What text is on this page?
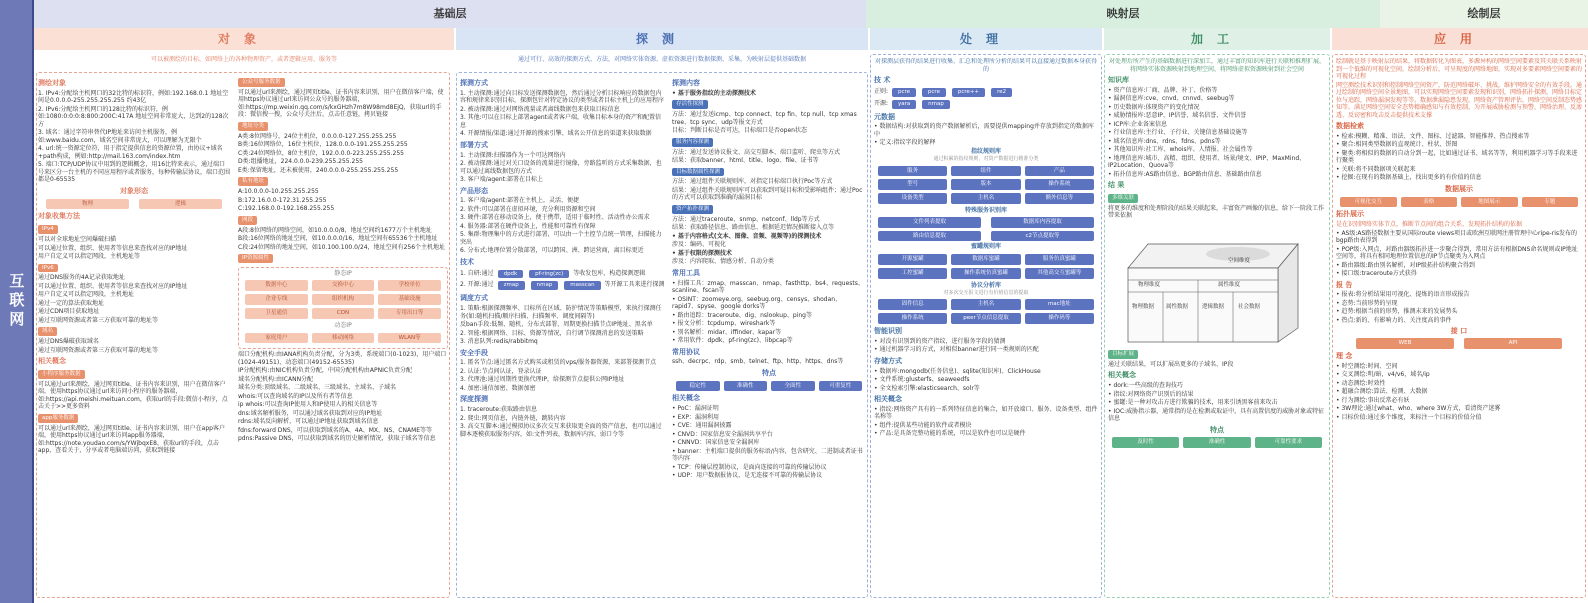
互联网
基础层	映射层	绘制层
对象	探测	处理	加工	应用
可以被测绘的目标，如网络上的各种物理资产，或者逻辑应用、服务等	通过可行、高效的探测方式、方法，对网络实体资源、虚拟资源进行数据探测、采集，为映射层提供基础数据
测绘对象
1. IPv4:分配给主机网口的32比特的标识符，例如:192.168.0.1 地址空间是0.0.0.0-255.255.255.255 约43亿
2. IPv6:分配给主机网口的128比特的标识符，例如:1080:0:0:0:8:800:200C:417A 地址空间非常庞大，达到2的128次方
3. 域名：通过字符串替代IP地址来访问主机服务，例如:www.baidu.com，域名空间非常庞大，可以理解为无限个
4. url:统一资源定位符，用于指定提供信息的资源位置，由协议+域名+path构成，例如:http://mail.163.com/index.htm
5. 端口:TCP/UDP协议中用到的逻辑概念，用16比特来表示，通过端口号来区分一台主机的不同应用程序或者服务，每种传输层协议，端口范围都是0-65535
对象形态
物理	逻辑
对象收集方法
IPv4
可以对全球地址空间爆破扫描
可以通过位置、组织、使用者等信息来查找对应的IP地址
用户自定义可以指定网段，主机地址等
IPv6
通过DNS服务的4A记录获取地址
可以通过位置、组织、使用者等信息来查找对应的IP地址
用户自定义可以指定网段，主机地址
通过一定的算法获取地址
通过CDN项目获取地址
通过互联网资源或者第三方获取可靠的地址等
域名
通过DNS爆破获取域名
通过互联网资源或者第三方获取可靠的地址等
相关概念
小程序服务数据
可以通过url来测绘，通过网页title、证书内容来识别，用户在微信客户端，使用https协议通过url来访问小程序的服务器端，如:https://api.meishi.meituan.com，获取url的手段:微信小程序，点击关于>>更多资料
app服务数据
可以通过url来测绘，通过网页title、证书内容来识别，用户在app客户端，使用https协议通过url来访问app服务器端，如:https://note.youdao.com/s/YWjbqxE8，获取url的手段，点击app，查看关于，分享或者电脑端访问，获取到链接
公众号服务数据
可以通过url来测绘，通过网页title、证书内容来识别，用户在微信客户端，使用https协议通过url来访问公众号的服务器端，如:https://mp.weixin.qq.com/s/kxGHzh7m8W98md8EjQ，获取url的手段：微信搜一搜，公众号关注后，点击任意链，拷贝链接
地址分类
A类:8位网络号，24位主机位，0.0.0.0-127.255.255.255
B类:16位网络位，16位主机位，128.0.0.0-191.255.255.255
C类:24位网络位，8位主机位，192.0.0.0-223.255.255.255
D类:组播地址，224.0.0.0-239.255.255.255
E类:保留地址，还未被使用，240.0.0.0-255.255.255.255
私有地址
A:10.0.0.0-10.255.255.255
B:172.16.0.0-172.31.255.255
C:192.168.0.0-192.168.255.255
网段
A段:8位网络的网络空间，如10.0.0.0/8，地址空间约1677万个主机地址
B段:16位网络的地址空间，如10.0.0.0/16，地址空间有65536个主机地址
C段:24位网络的地址空间，如10.100.100.0/24，地址空间有256个主机地址
IP资源属性
静态IP
数据中心	交换中心	学校单位
企业专线	组织机构	基础设施
卫星通信	CDN	专用出口等
动态IP
家庭用户	移动网络	WLAN等
端口分配机构:由IANA机构负责分配，分为3类，系统端口(0-1023)，用户端口(1024-49151)、动态端口(49152-65535)
IP分配机构:由NIC机构负责分配，中国分配机构由APNIC负责分配
域名分配机构:由ICANN分配
域名分类:顶级域名、二级域名、三级域名、主域名、子域名
whois:可以查询域名的IP以及所有者等信息
ip whois:可以查询IP使用人和IP使用人的相关信息等
dns:域名解析服务，可以通过域名获取到对应的IP地址
rdns:域名反向解析，可以通过IP地址获取到域名信息
fdns:forward DNS，可以获取到域名的A、4A、MX、NS、CNAME等等
pdns:Passive DNS，可以获取到域名的历史解析情况，获取子域名等信息
探测方式
1. 主动探测:通过向目标发送探测数据包，然后通过分析目标响应的数据包内容和规律来识别目标，探测包针对特定协议的类型或者目标主机上的应用程序
2. 被动探测:通过对网络流量或者离线数据包来获取目标信息
3. 其他:可以在目标上部署agent或者客户端，收集目标本身的资产和配置信息
4. 开源情报/渠道:通过开源的搜索引擎、域名公开信息的渠道来获取数据
部署方式
1. 主动探测:扫描器作为一个可达网络内
2. 被动探测:通过对关口设备的流量进行镜像，旁路监听的方式采集数据，也可以通过离线数据包的方式
3. 客户端/agent:部署在目标上
产品形态
1. 客户端/agent:部署在主机上，灵活、便捷
2. 软件:可以部署在虚拟环境，充分利用资源和空间
3. 硬件:部署在移动设备上，便于携带，适用于临时性、活动性办公需求
4. 服务器:部署在硬件设备上，性能和可靠性有保障
5. 集群:物理集中的方式进行部署，可以由一个主控节点统一管理，扫描能力突出
6. 分布式:地理位置分散部署，可以跨国、洲、跨运营商，离目标更近
技术
1. 自研:通过 dpdk	pf-ring(zc) 等收发包库，构造探测逻辑
2. 开源:通过 zmap	nmap	masscan 等开源工具来进行探测
调度方式
1. 策略:根据探测频率、目标所在区域、防护情况等策略模型，来执行探测任务(如:随机扫描/顺序扫描、扫描频率、调度间隔等)
反ban手段:低频、随机、分布式部署、周期更换扫描节点IP地址、黑名单
2. 智能:根据网络、目标、资源等情况，自行调节探测消息的发送策略
3. 消息队列:redis/rabbitmq
安全手段
1. 匿名节点:通过匿名方式购买或租赁的vps/服务器资源，来部署探测节点
2. 认证:节点间认证，登录认证
3. 代理池:通过周期性更换代理IP，给探测节点提供公网IP地址
4. 加密:通信加密、数据加密
深度探测
1. traceroute:获取路由信息
2. 爬虫:网页信息，内链外链，跳转内容
3. 高交互脚本:通过模拟协议多次交互来获取更全面的资产信息，也可以通过脚本逐模获取服务内容，如:文件列表，数据库内容，弱口令等
探测内容
• 基于服务指纹的主动探测技术
存活性探测
方法：通过发送icmp、tcp connect、tcp fin、tcp null、tcp xmas tree、tcp sync、udp等报文方式
目标：判断目标是否可达，目标端口是否open状态
服务内容探测
方法：通过发送协议报文、高交互脚本、端口监听、爬虫等方式
结果：获取banner、html、title、logo、file、证书等
目标数据属性探测
方法：通过组件关联规则库，对指定目标端口执行Poc等方式
结果：通过组件关联规则库可以获取到可疑目标和受影响组件；通过Poc的方式可以获取到准确的漏洞目标
资产拓扑探测
方法：通过traceroute、snmp、netconf、lldp等方式
结果：获取路径信息、路由信息、根据延迟情况推断接入点等
• 基于内容格式(文本、图像、音频、视频等)的探测技术
涉及：编码、可视化
• 基于权限的探测技术
涉及：内容爬取、情感分析、自动分类
常用工具
• 扫描工具：zmap、masscan、nmap、fasthttp、bs4、requests、scanline、fscan等
• OSINT：zoomeye.org、seebug.org、censys、shodan、rapid7、spyse、google dorks等
• 路由追踪：traceroute、dig、nslookup、ping等
• 报文分析：tcpdump、wireshark等
• 别名解析：midar、iffinder、kapar等
• 常用软件：dpdk、pf-ring(zc)、libpcap等
常用协议
ssh、decrpc、rdp、smb、telnet、ftp、http、https、dns等
特点
稳定性	准确性	全面性	可重复性
相关概念
• PoC：漏洞证明
• EXP：漏洞利用
• CVE：通用漏洞披露
• CNVD：国家信息安全漏洞共享平台
• CNNVD：国家信息安全漏洞库
• banner：主机端口提供的服务标语/内容，包含研究、二进制或者证书等内容
• TCP：传输层控制协议，是面向连接的可靠的传输层协议
• UDP：用户数据报协议，是无连接不可靠的传输层协议
对探测层获得的结果进行收集、汇总和处理所分析的结果可以直接通过数据本身获得的
技 术
正则: pcre	pcre	pcre++	re2
开源: yara	nmap
元数据
• 数据结构:对获取到的资产数据解析后，需要提供mapping并存放到指定的数据库中
• 定义:指纹字段的解释
指纹规则库
通过积累的指纹规则，对资产数据进行精准分类
服务	组件	产品
型号	版本	操作系统
设备类型	主机名	额外信息等
特殊服务识别库
文件列表提取	数据库内容提取
路由信息提取	c2节点提取等
蜜罐规则库
开源蜜罐	数据库蜜罐	服务仿真蜜罐
工控蜜罐	操作系统仿真蜜罐	其他高交互蜜罐等
协议分析库
对多次交互报文进行有价值信息的提取
固件信息	主机名	mac地址
操作系统	peer节点信息提取	操作码等
智能识别
• 对没有识别到的资产指纹，进行服务字段的猜测
• 通过机器学习的方式，对相似banner进行同一类规则的匹配
存储方式
• 数据库:mongodb(任务信息)、sqlite(知识库)、ClickHouse
• 文件系统:glusterfs、seaweedfs
• 全文检索引擎:elasticsearch、solr等
相关概念
• 指纹:网络资产具有的一系列特征信息的集合，如开放端口、服务、设备类型、组件名称等
• 组件:提供某些功能的软件或者模块
• 产品:是具备完整功能的系统，可以是软件也可以是硬件
对处理后所产生的基础数据进行深加工，通过丰富的知识库进行关联和推理扩展，将网络实体资源映射到地理空间，将网络虚拟资源映射到社会空间
知识库
• 资产信息库:厂商、品牌、补丁、价格等
• 漏洞信息库:cve、cnvd、cnnvd、seebug等
• 历史数据库:体现资产的变化情况
• 威胁情报库:恶意IP、IP信誉、域名信誉、文件信誉
• ICP库:企业备案信息
• 行业信息库:主行业、子行业、关键信息基础设施等
• 域名信息库:dns、rdns、fdns、pdns等
• 其他知识库:社工库、whois库、人情报、社会属性等
• 地理信息库:城市、高精、组织、使用者、场景/境文、IPIP、MaxMind、IP2Location、Quova等
• 拓扑信息库:AS路由信息、BGP路由信息、基础路由信息
结 果
多维关联
将更多的维度和处理阶段的结果关联起来，丰富资产画像的信息，给下一阶段工作带来依据
空间维度
物理维度	属性维度
物理数据	属性数据	逻辑数据	社会数据
目标扩展
通过关联结果，可以扩展出更多的子域名、IP段
相关概念
• dork:一些高级的查询技巧
• 指纹:对网络资产识别后的结果
• 蜜罐:是一种对攻击方进行欺骗的技术，用来引诱黑客前来攻击
• IOC:威胁指示器，通常指的是在检测或取证中，具有高置信度的威胁对象或特征信息
特点
及时性	准确性	可靠性要求
绘制就是基于映射层的结果，将数据转化为图表，多源异构的网络空间要素及其关联关系映射到一个低维的可视化空间，绘制分析后，可呈现度的网络地图，实现对多要素网络空间要素的可视化过程
网空测绘技术识别和控制网络空间资产，防范网络破坏、挑战，维护网络安全的有效手段。通过绘制的网络空间全景地图，可以实现网络空间要素发现和识别，网络拓扑探测，网络目标定位与追踪，网络漏洞发现等等。数据泄漏隐患发现，网络资产管理评估，网络空间反制态势感知等。满足网络空间安全态势精确感知与有效控制，为开展威胁检测与预警，网络治理、反渗透、反窃密和攻击反击提供技术支撑
数据检索
• 检索:模糊、精准、语法、文件、图标、过滤器、智能推荐、热点搜索等
• 聚合:相同类型数据的直观统计、柱状、饼图
• 聚类:将相似的数据的自动分到一起，比如通过证书、域名等等，利用机器学习等手段来进行聚类
• 关联:将不同数据项关联起来
• 挖掘:在现有的数据基础上，找出更多的有价值的信息
数据展示
可视化交互	表格	地图展示	专题
拓扑展示
是在识别网络实体节点，推断节点间的组合关系，发现拓扑结构的依据
• AS级:AS路径数据主要从国际route views项目或欧洲互联网注册管理中心ripe-ris发布的bgp路由表得到
• POP级:入网点，对路由器级拓扑进一步聚合得到，常用方法有根据DNS命名规则或IP地址空间等，将具有相同地理位置信息的IP节点聚类为入网点
• 路由器级:路由别名解析，对IP级拓扑结构聚合得到
• 接口级:traceroute方式获得
报 告
• 报表:将分析结果用可视化、提炼的语言形成报告
• 态势:当前形势的呈现
• 趋势:根据当前的形势，推测未来的发展势头
• 热点:新的、有影响力的、关注度高的事件
接 口
WEB	API
理 念
• 时空测绘:时间、空间
• 交叉测绘:明/暗，v4/v6，域名/ip
• 动态测绘:时效性
• 超融合测绘:算法、检测、大数据
• 行为测绘:事出反常必有妖
• 3W理论:通过what、who、where 3W方式，看清资产迷雾
• 目标价值:通过多个维度，来标注一个目标的价值分值
